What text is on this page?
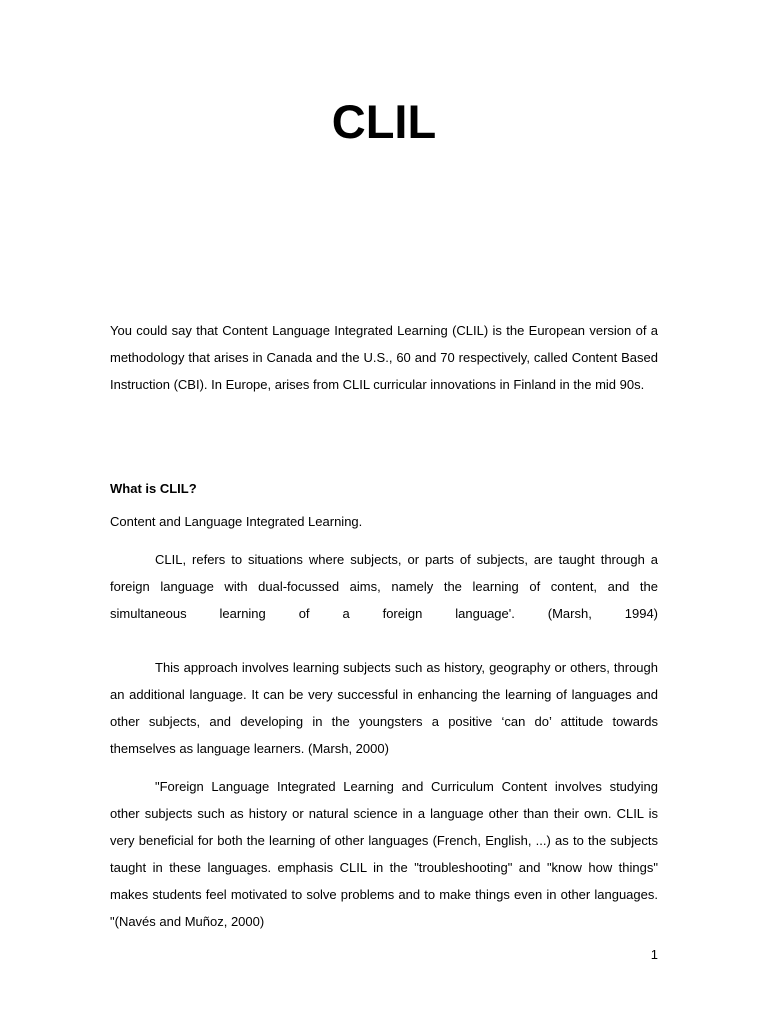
CLIL

You could say that Content Language Integrated Learning (CLIL) is the European version of a methodology that arises in Canada and the U.S., 60 and 70 respectively, called Content Based Instruction (CBI). In Europe, arises from CLIL curricular innovations in Finland in the mid 90s.

What is CLIL?

Content and Language Integrated Learning.

CLIL, refers to situations where subjects, or parts of subjects, are taught through a foreign language with dual-focussed aims, namely the learning of content, and the simultaneous learning of a foreign language'. (Marsh, 1994)

This approach involves learning subjects such as history, geography or others, through an additional language. It can be very successful in enhancing the learning of languages and other subjects, and developing in the youngsters a positive ‘can do’ attitude towards themselves as language learners. (Marsh, 2000)

"Foreign Language Integrated Learning and Curriculum Content involves studying other subjects such as history or natural science in a language other than their own. CLIL is very beneficial for both the learning of other languages (French, English, ...) as to the subjects taught in these languages. emphasis CLIL in the "troubleshooting" and "know how things" makes students feel motivated to solve problems and to make things even in other languages. "(Navés and Muñoz, 2000)

1
